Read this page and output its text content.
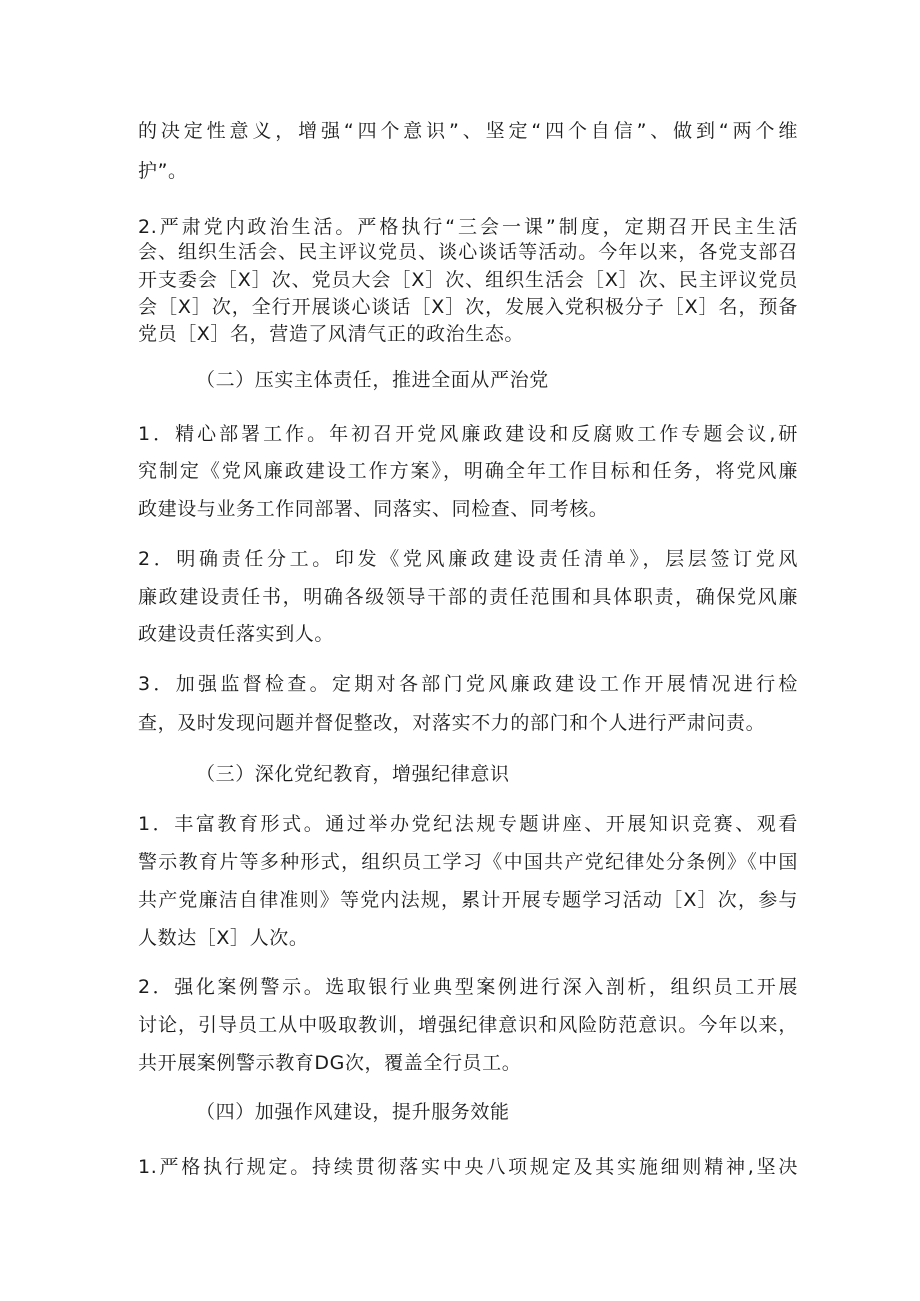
的决定性意义，增强“四个意识”、坚定“四个自信”、做到“两个维
护”。
2.严肃党内政治生活。严格执行“三会一课”制度，定期召开民主生活
会、组织生活会、民主评议党员、谈心谈话等活动。今年以来，各党支部召
开支委会［X］次、党员大会［X］次、组织生活会［X］次、民主评议党员
会［X］次，全行开展谈心谈话［X］次，发展入党积极分子［X］名，预备
党员［X］名，营造了风清气正的政治生态。
（二）压实主体责任，推进全面从严治党
1．精心部署工作。年初召开党风廉政建设和反腐败工作专题会议,研
究制定《党风廉政建设工作方案》，明确全年工作目标和任务，将党风廉
政建设与业务工作同部署、同落实、同检查、同考核。
2．明确责任分工。印发《党风廉政建设责任清单》，层层签订党风
廉政建设责任书，明确各级领导干部的责任范围和具体职责，确保党风廉
政建设责任落实到人。
3．加强监督检查。定期对各部门党风廉政建设工作开展情况进行检
查，及时发现问题并督促整改，对落实不力的部门和个人进行严肃问责。
（三）深化党纪教育，增强纪律意识
1．丰富教育形式。通过举办党纪法规专题讲座、开展知识竞赛、观看
警示教育片等多种形式，组织员工学习《中国共产党纪律处分条例》《中国
共产党廉洁自律准则》等党内法规，累计开展专题学习活动［X］次，参与
人数达［X］人次。
2．强化案例警示。选取银行业典型案例进行深入剖析，组织员工开展
讨论，引导员工从中吸取教训，增强纪律意识和风险防范意识。今年以来，
共开展案例警示教育DG次，覆盖全行员工。
（四）加强作风建设，提升服务效能
1.严格执行规定。持续贯彻落实中央八项规定及其实施细则精神,坚决
